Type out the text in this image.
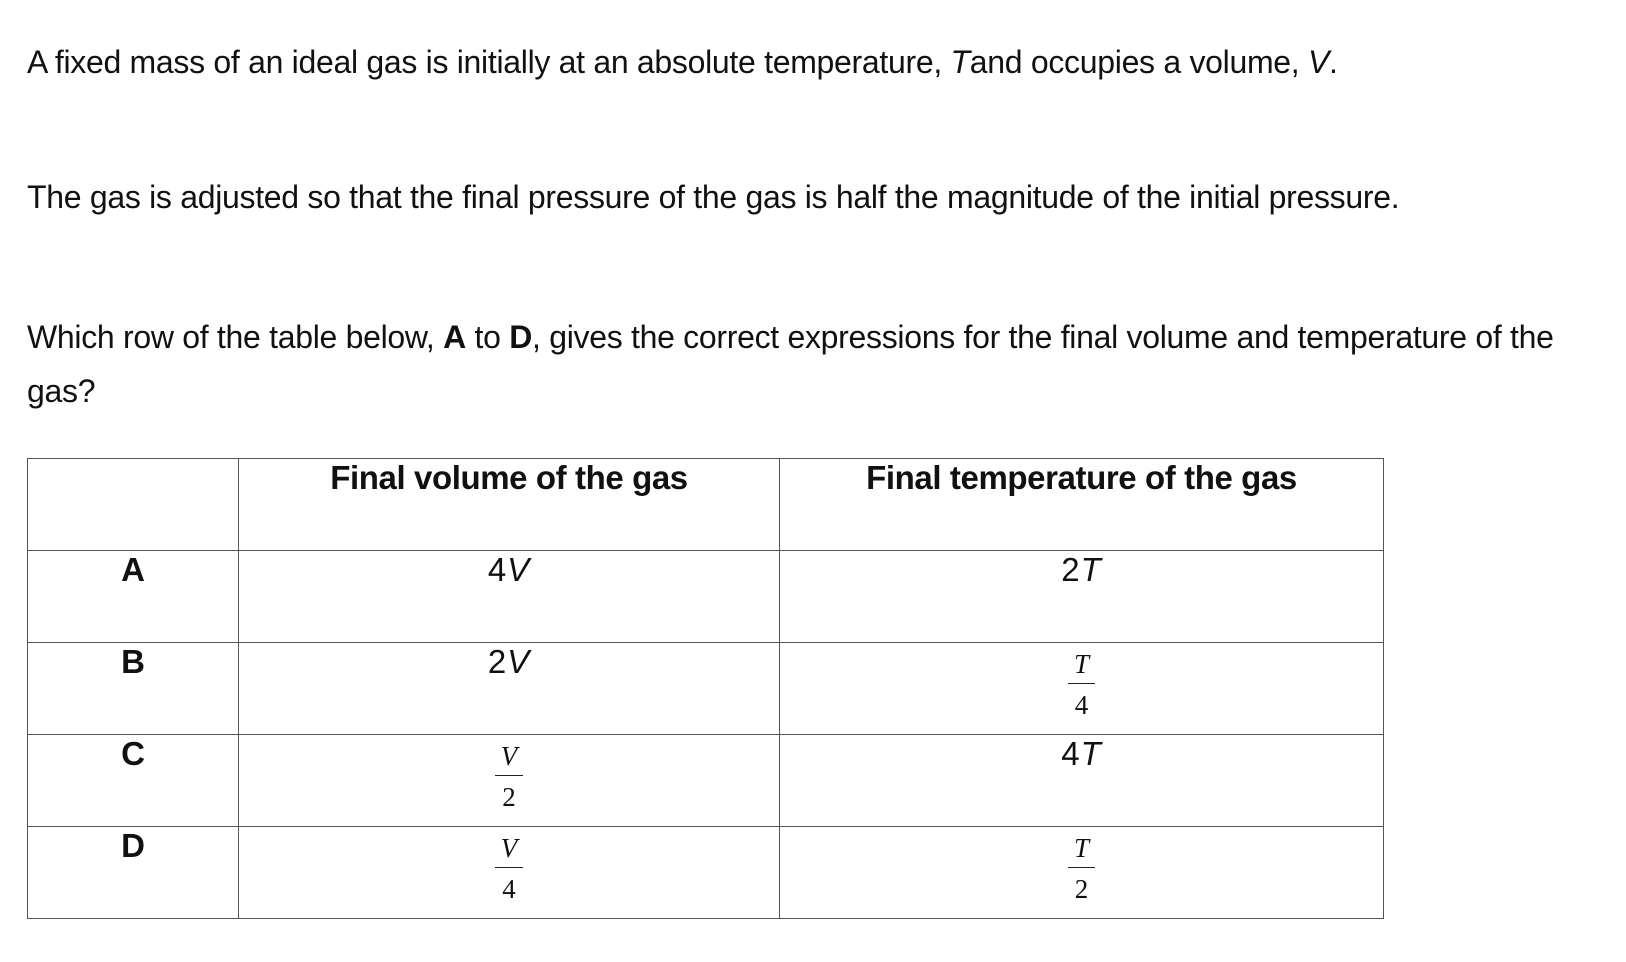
A fixed mass of an ideal gas is initially at an absolute temperature, Tand occupies a volume, V.

The gas is adjusted so that the final pressure of the gas is half the magnitude of the initial pressure.

Which row of the table below, A to D, gives the correct expressions for the final volume and temperature of the gas?

	Final volume of the gas	Final temperature of the gas
A	4V	2T
B	2V	$\frac{T}{4}$

C	$\frac{V}{2}$	4T
D	$\frac{V}{4}$	$\frac{T}{2}$
